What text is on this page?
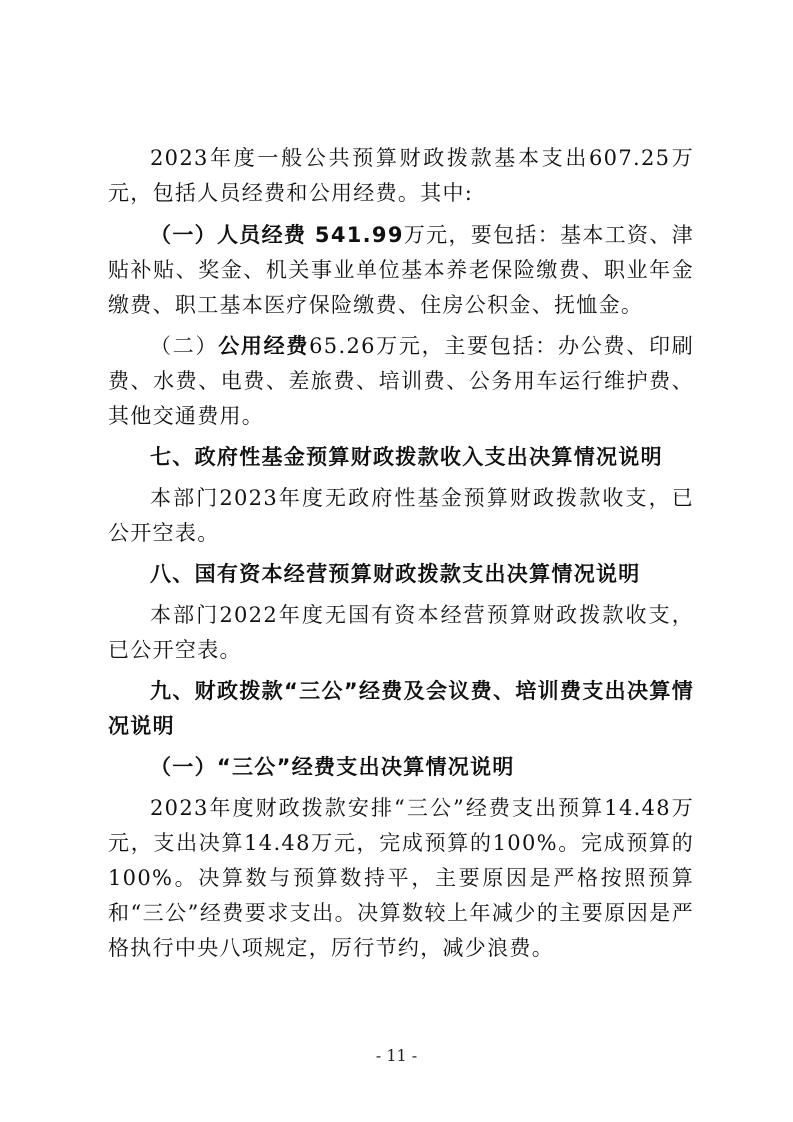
2023年度一般公共预算财政拨款基本支出607.25万元，包括人员经费和公用经费。其中:

（一）人员经费 541.99万元，要包括：基本工资、津贴补贴、奖金、机关事业单位基本养老保险缴费、职业年金缴费、职工基本医疗保险缴费、住房公积金、抚恤金。

（二）公用经费65.26万元，主要包括：办公费、印刷费、水费、电费、差旅费、培训费、公务用车运行维护费、其他交通费用。

七、政府性基金预算财政拨款收入支出决算情况说明

本部门2023年度无政府性基金预算财政拨款收支，已公开空表。

八、国有资本经营预算财政拨款支出决算情况说明

本部门2022年度无国有资本经营预算财政拨款收支，已公开空表。

九、财政拨款“三公”经费及会议费、培训费支出决算情况说明

（一）“三公”经费支出决算情况说明

2023年度财政拨款安排“三公”经费支出预算14.48万元，支出决算14.48万元，完成预算的100%。完成预算的100%。决算数与预算数持平，主要原因是严格按照预算和“三公”经费要求支出。决算数较上年减少的主要原因是严格执行中央八项规定，厉行节约，减少浪费。

- 11 -
